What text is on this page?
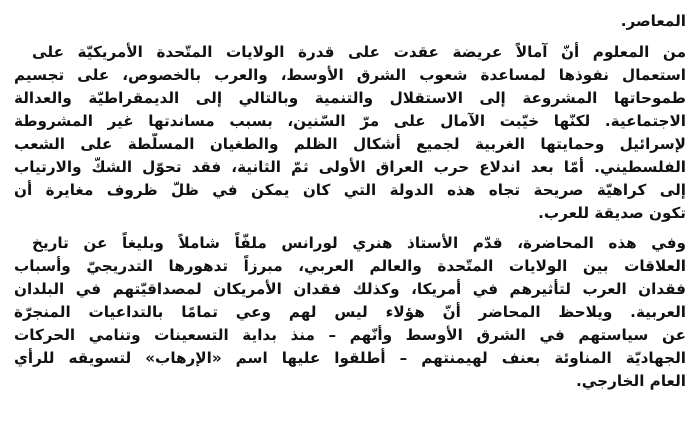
المعاصر.
من المعلوم أنّ آمالاً عريضة عقدت على قدرة الولايات المتّحدة الأمريكيّة على
استعمال نفوذها لمساعدة شعوب الشرق الأوسط، والعرب بالخصوص، على تجسيم
طموحاتها المشروعة إلى الاستقلال والتنمية وبالتالي إلى الديمقراطيّة والعدالة
الاجتماعية. لكنّها خيّبت الآمال على مرّ السّنين، بسبب مساندتها غير المشروطة
لإسرائيل وحمايتها الغربية لجميع أشكال الظلم والطغيان المسلّطة على الشعب
الفلسطيني. أمّا بعد اندلاع حرب العراق الأولى ثمّ الثانية، فقد تحوّل الشكّ والارتياب
إلى كراهيّة صريحة تجاه هذه الدولة التي كان يمكن في ظلّ ظروف مغايرة أن
تكون صديقة للعرب.
وفي هذه المحاضرة، قدّم الأستاذ هنري لورانس ملفّاً شاملاً وبليغاً عن تاريخ
العلاقات بين الولايات المتّحدة والعالم العربي، مبرزاً تدهورها التدريجيّ وأسباب
فقدان العرب لتأثيرهم في أمريكا، وكذلك فقدان الأمريكان لمصداقيّتهم في البلدان
العربية. ويلاحظ المحاضر أنّ هؤلاء ليس لهم وعي تمامًا بالتداعيات المنجرّة
عن سياستهم في الشرق الأوسط وأنّهم – منذ بداية التسعينات وتنامي الحركات
الجهاديّة المناوئة بعنف لهيمنتهم – أطلقوا عليها اسم «الإرهاب» لتسويقه للرأي
العام الخارجي.
